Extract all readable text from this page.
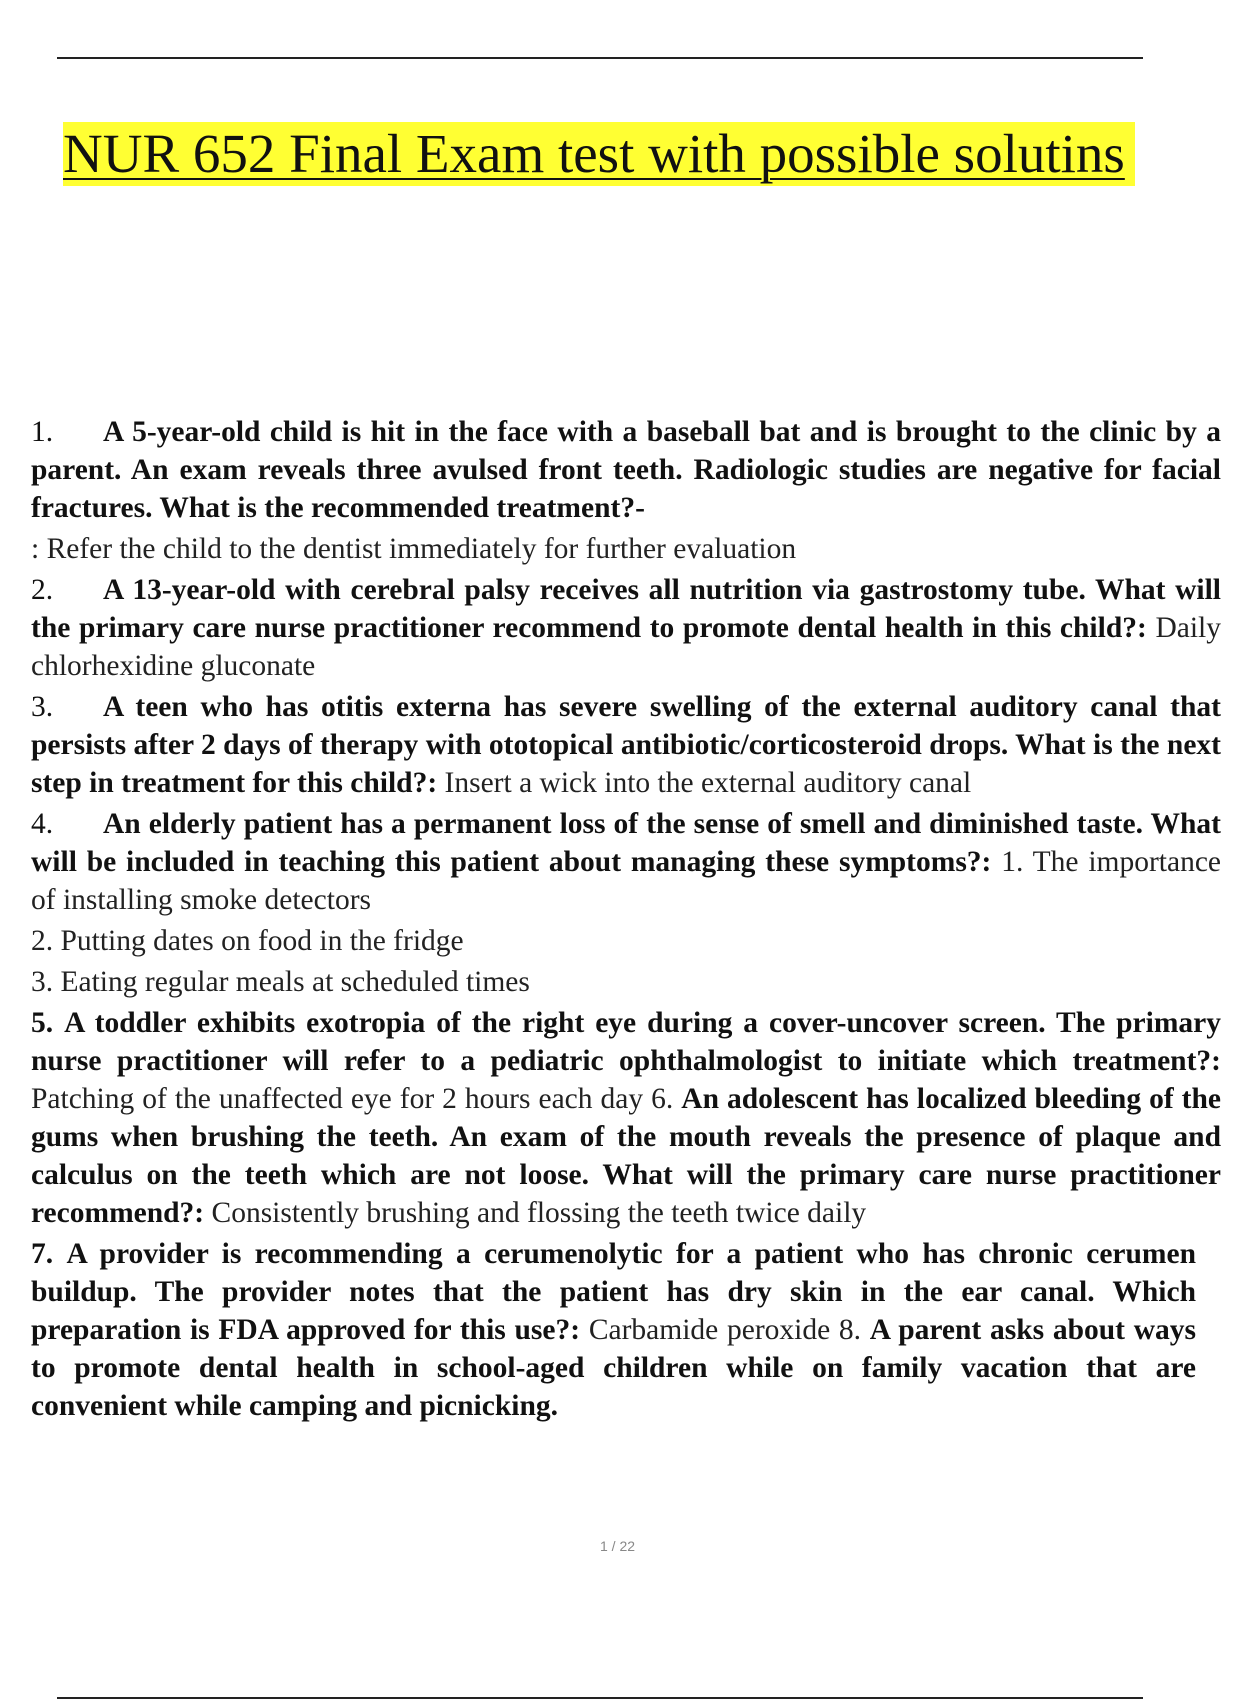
NUR 652 Final Exam test with possible solutins

1. A 5-year-old child is hit in the face with a baseball bat and is brought to the clinic by a parent. An exam reveals three avulsed front teeth. Radiologic studies are negative for facial fractures. What is the recommended treatment?-

: Refer the child to the dentist immediately for further evaluation

2. A 13-year-old with cerebral palsy receives all nutrition via gastrostomy tube. What will the primary care nurse practitioner recommend to promote dental health in this child?: Daily chlorhexidine gluconate

3. A teen who has otitis externa has severe swelling of the external auditory canal that persists after 2 days of therapy with ototopical antibiotic/corticosteroid drops. What is the next step in treatment for this child?: Insert a wick into the external auditory canal

4. An elderly patient has a permanent loss of the sense of smell and diminished taste. What will be included in teaching this patient about managing these symptoms?: 1. The importance of installing smoke detectors

2. Putting dates on food in the fridge

3. Eating regular meals at scheduled times

5. A toddler exhibits exotropia of the right eye during a cover-uncover screen. The primary nurse practitioner will refer to a pediatric ophthalmologist to initiate which treatment?: Patching of the unaffected eye for 2 hours each day 6. An adolescent has localized bleeding of the gums when brushing the teeth. An exam of the mouth reveals the presence of plaque and calculus on the teeth which are not loose. What will the primary care nurse practitioner recommend?: Consistently brushing and flossing the teeth twice daily

7. A provider is recommending a cerumenolytic for a patient who has chronic cerumen buildup. The provider notes that the patient has dry skin in the ear canal. Which preparation is FDA approved for this use?: Carbamide peroxide 8. A parent asks about ways to promote dental health in school-aged children while on family vacation that are convenient while camping and picnicking.

1 / 22
